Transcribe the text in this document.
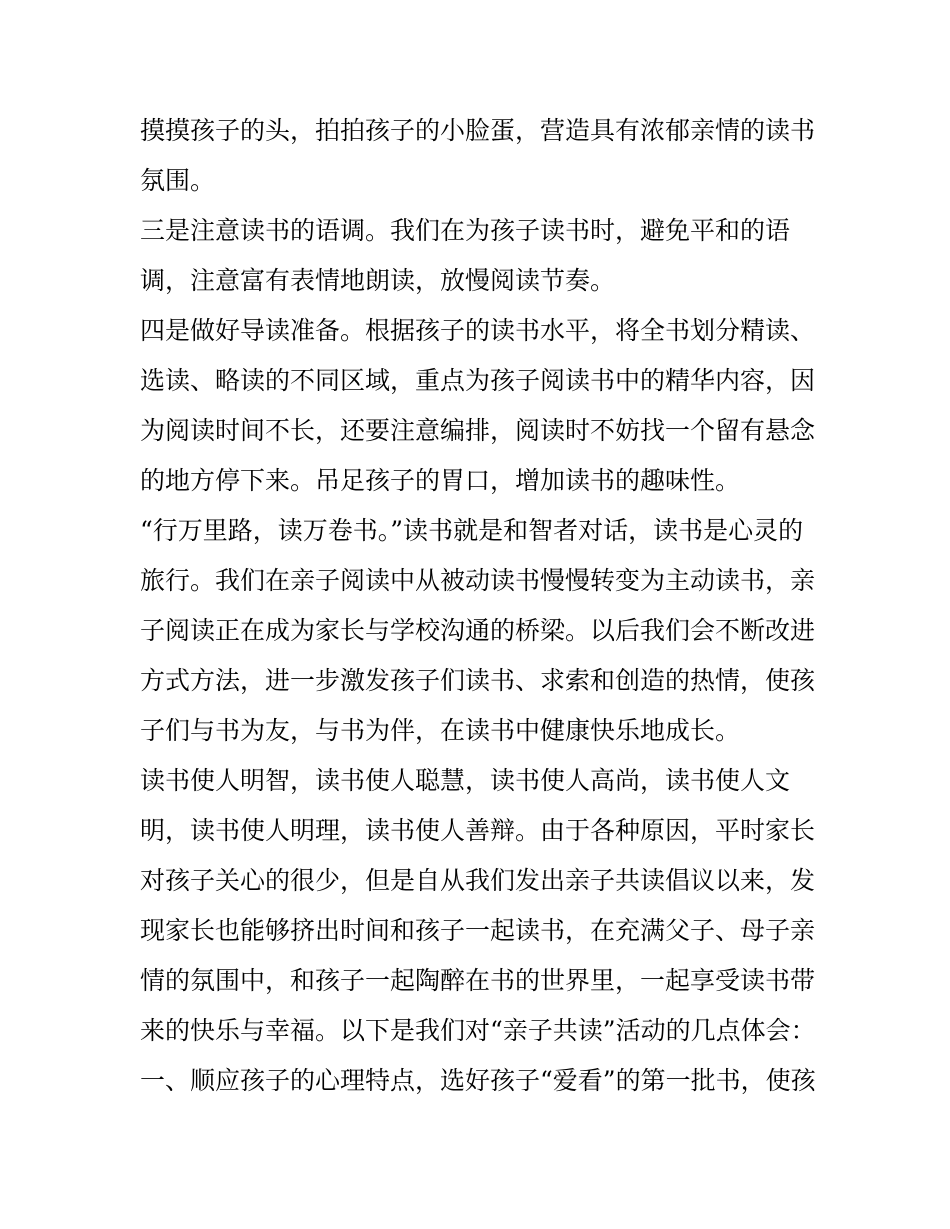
摸摸孩子的头，拍拍孩子的小脸蛋，营造具有浓郁亲情的读书
氛围。

三是注意读书的语调。我们在为孩子读书时，避免平和的语
调，注意富有表情地朗读，放慢阅读节奏。

四是做好导读准备。根据孩子的读书水平，将全书划分精读、
选读、略读的不同区域，重点为孩子阅读书中的精华内容，因
为阅读时间不长，还要注意编排，阅读时不妨找一个留有悬念
的地方停下来。吊足孩子的胃口，增加读书的趣味性。

“行万里路，读万卷书。”读书就是和智者对话，读书是心灵的
旅行。我们在亲子阅读中从被动读书慢慢转变为主动读书，亲
子阅读正在成为家长与学校沟通的桥梁。以后我们会不断改进
方式方法，进一步激发孩子们读书、求索和创造的热情，使孩
子们与书为友，与书为伴，在读书中健康快乐地成长。

读书使人明智，读书使人聪慧，读书使人高尚，读书使人文
明，读书使人明理，读书使人善辩。由于各种原因，平时家长
对孩子关心的很少，但是自从我们发出亲子共读倡议以来，发
现家长也能够挤出时间和孩子一起读书，在充满父子、母子亲
情的氛围中，和孩子一起陶醉在书的世界里，一起享受读书带
来的快乐与幸福。以下是我们对“亲子共读”活动的几点体会：

一、顺应孩子的心理特点，选好孩子“爱看”的第一批书，使孩
